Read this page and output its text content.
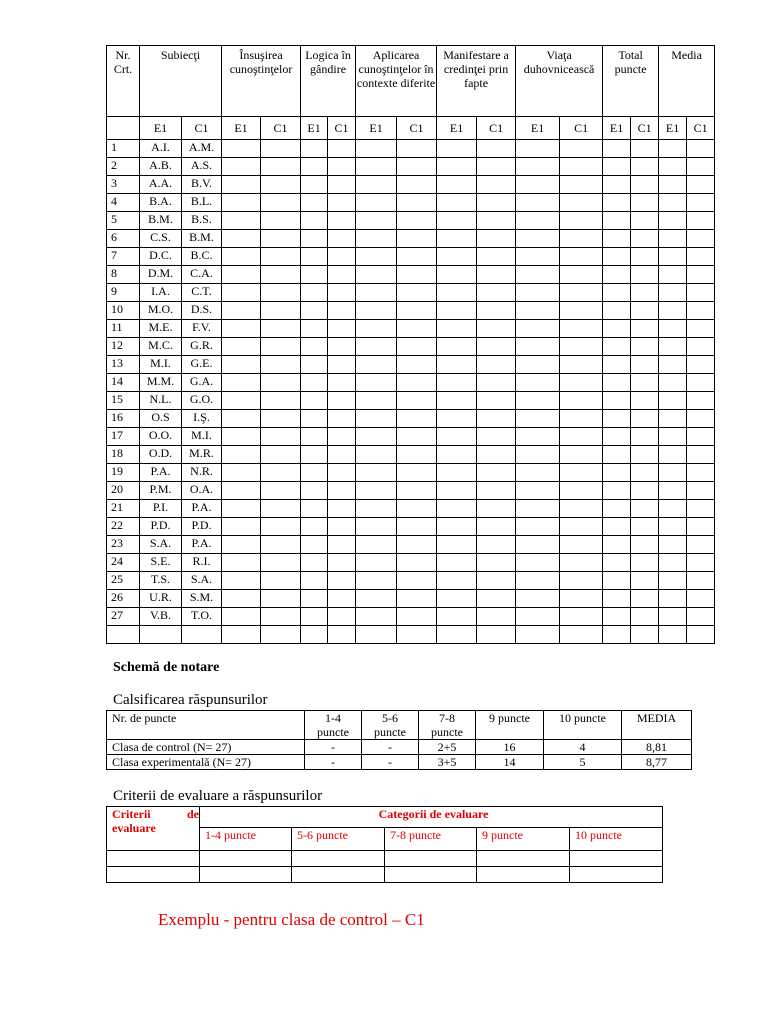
Nr. Crt.	Subiecţi		Însuşirea cunoştinţelor		Logica în gândire		Aplicarea cunoştinţelor în contexte diferite		Manifestare a credinţei prin fapte		Viaţa duhovnicească		Total puncte		Media	
	E1	C1	E1	C1	E1	C1	E1	C1	E1	C1	E1	C1	E1	C1	E1	C1
1	A.I.	A.M.														
2	A.B.	A.S.														
3	A.A.	B.V.														
4	B.A.	B.L.														
5	B.M.	B.S.														
6	C.S.	B.M.														
7	D.C.	B.C.														
8	D.M.	C.A.														
9	I.A.	C.T.														
10	M.O.	D.S.														
11	M.E.	F.V.														
12	M.C.	G.R.														
13	M.I.	G.E.														
14	M.M.	G.A.														
15	N.L.	G.O.														
16	O.S	I.Ş.														
17	O.O.	M.I.														
18	O.D.	M.R.														
19	P.A.	N.R.														
20	P.M.	O.A.														
21	P.I.	P.A.														
22	P.D.	P.D.														
23	S.A.	P.A.														
24	S.E.	R.I.														
25	T.S.	S.A.														
26	U.R.	S.M.														
27	V.B.	T.O.														

Schemă de notare
Calsificarea răspunsurilor
Nr. de puncte	1-4 puncte	5-6 puncte	7-8 puncte	9 puncte	10 puncte	MEDIA
Clasa de control (N= 27)	-	-	2+5	16	4	8,81
Clasa experimentală (N= 27)	-	-	3+5	14	5	8,77
Criterii de evaluare a răspunsurilor
Criterii de
evaluare	Categorii de evaluare				
	1-4 puncte	5-6 puncte	7-8 puncte	9 puncte	10 puncte

Exemplu - pentru clasa de control – C1
